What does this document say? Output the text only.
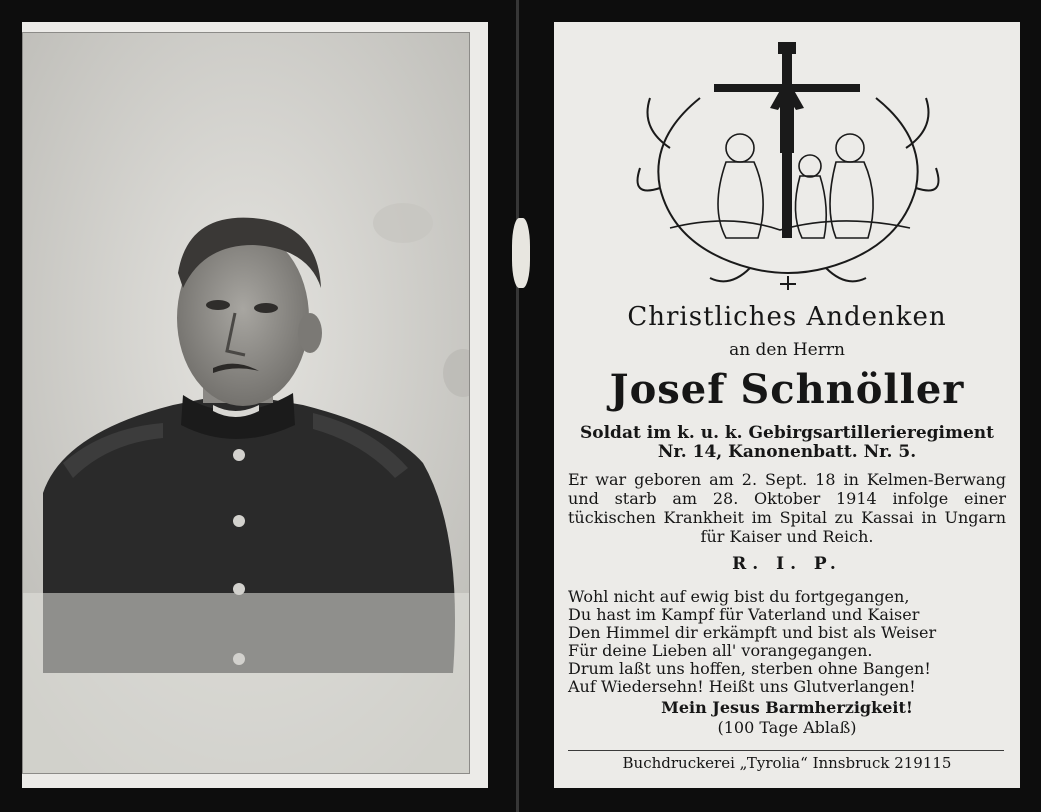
Christliches Andenken
an den Herrn
Josef Schnöller
Soldat im k. u. k. Gebirgsartillerieregiment Nr. 14, Kanonenbatt. Nr. 5.
Er war geboren am 2. Sept. 18 in Kelmen-Berwang und starb am 28. Oktober 1914 infolge einer tückischen Krankheit im Spital zu Kassai in Ungarn für Kaiser und Reich.
R. I. P.
Wohl nicht auf ewig bist du fortgegangen,
Du hast im Kampf für Vaterland und Kaiser
Den Himmel dir erkämpft und bist als Weiser
Für deine Lieben all' vorangegangen.
Drum laßt uns hoffen, sterben ohne Bangen!
Auf Wiedersehn! Heißt uns Glutverlangen!
Mein Jesus Barmherzigkeit!
(100 Tage Ablaß)
Buchdruckerei „Tyrolia“ Innsbruck 219115
